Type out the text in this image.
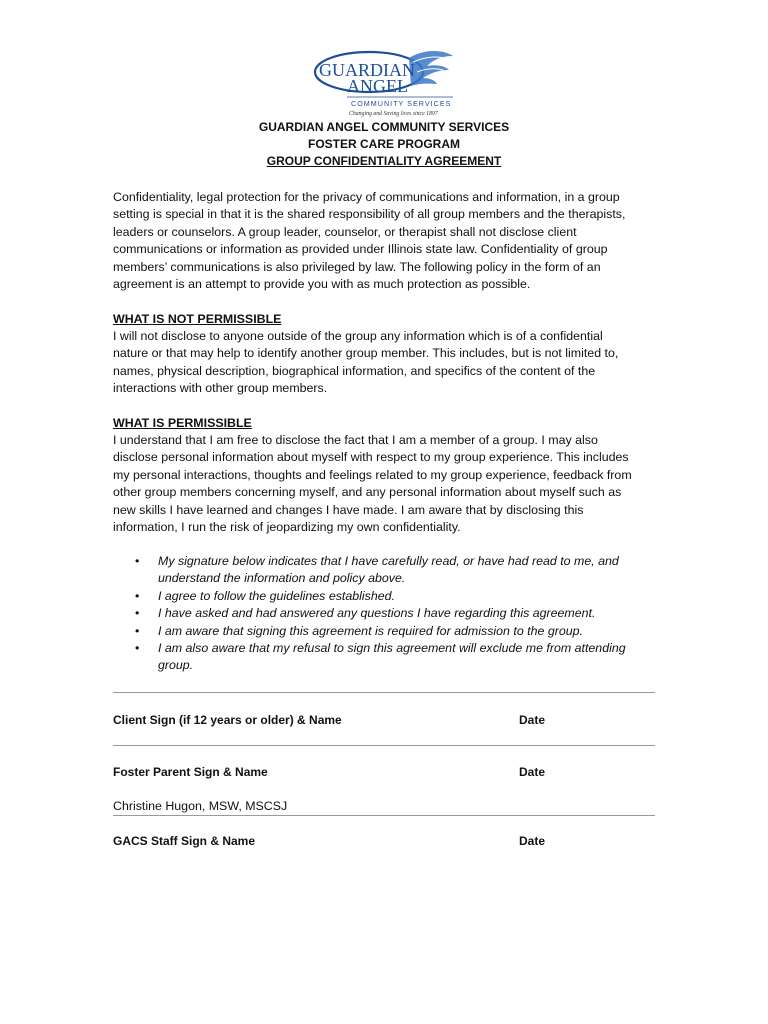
GUARDIAN
ANGEL
COMMUNITY SERVICES
Changing and Saving lives since 1897
GUARDIAN ANGEL COMMUNITY SERVICES
FOSTER CARE PROGRAM
GROUP CONFIDENTIALITY AGREEMENT
Confidentiality, legal protection for the privacy of communications and information, in a group
setting is special in that it is the shared responsibility of all group members and the therapists,
leaders or counselors. A group leader, counselor, or therapist shall not disclose client
communications or information as provided under Illinois state law. Confidentiality of group
members’ communications is also privileged by law. The following policy in the form of an
agreement is an attempt to provide you with as much protection as possible.
WHAT IS NOT PERMISSIBLE
I will not disclose to anyone outside of the group any information which is of a confidential
nature or that may help to identify another group member. This includes, but is not limited to,
names, physical description, biographical information, and specifics of the content of the
interactions with other group members.
WHAT IS PERMISSIBLE
I understand that I am free to disclose the fact that I am a member of a group. I may also
disclose personal information about myself with respect to my group experience. This includes
my personal interactions, thoughts and feelings related to my group experience, feedback from
other group members concerning myself, and any personal information about myself such as
new skills I have learned and changes I have made. I am aware that by disclosing this
information, I run the risk of jeopardizing my own confidentiality.
• My signature below indicates that I have carefully read, or have had read to me, and
understand the information and policy above.
• I agree to follow the guidelines established.
• I have asked and had answered any questions I have regarding this agreement.
• I am aware that signing this agreement is required for admission to the group.
• I am also aware that my refusal to sign this agreement will exclude me from attending
group.
Client Sign (if 12 years or older) & Name	Date
Foster Parent Sign & Name	Date
Christine Hugon, MSW, MSCSJ
GACS Staff Sign & Name	Date
